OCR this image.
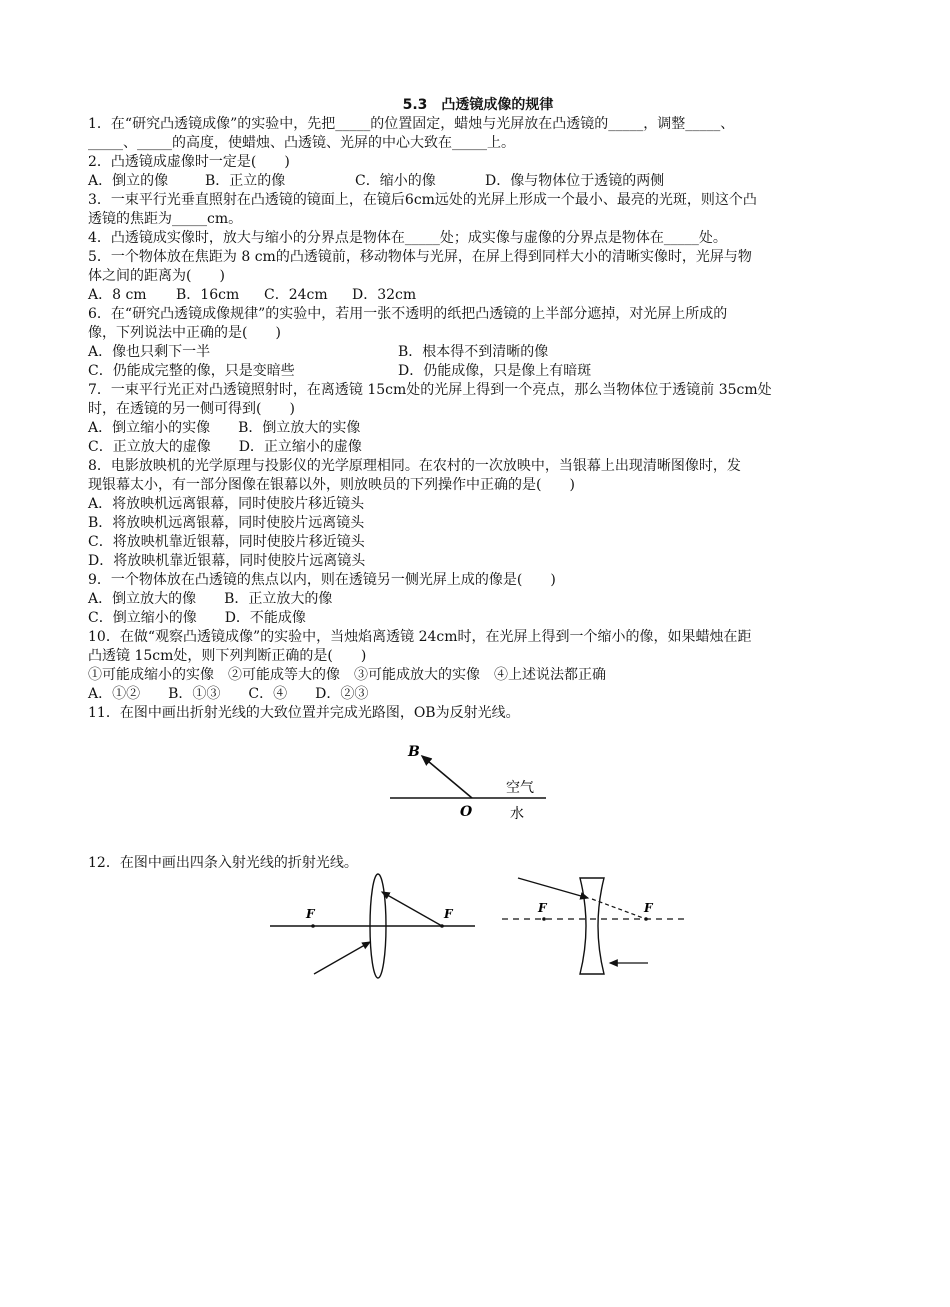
5.3　凸透镜成像的规律

1．在“研究凸透镜成像”的实验中，先把_____的位置固定，蜡烛与光屏放在凸透镜的_____，调整_____、

_____、_____的高度，使蜡烛、凸透镜、光屏的中心大致在_____上。

2．凸透镜成虚像时一定是(　　)

A．倒立的像	B．正立的像	C．缩小的像	D．像与物体位于透镜的两侧

3．一束平行光垂直照射在凸透镜的镜面上，在镜后6cm远处的光屏上形成一个最小、最亮的光斑，则这个凸

透镜的焦距为_____cm。

4．凸透镜成实像时，放大与缩小的分界点是物体在_____处；成实像与虚像的分界点是物体在_____处。

5．一个物体放在焦距为 8 cm的凸透镜前，移动物体与光屏，在屏上得到同样大小的清晰实像时，光屏与物

体之间的距离为(　　)

A．8 cm B．16cm C．24cm D．32cm

6．在“研究凸透镜成像规律”的实验中，若用一张不透明的纸把凸透镜的上半部分遮掉，对光屏上所成的

像，下列说法中正确的是(　　)

A．像也只剩下一半	B．根本得不到清晰的像
C．仍能成完整的像，只是变暗些	D．仍能成像，只是像上有暗斑

7．一束平行光正对凸透镜照射时，在离透镜 15cm处的光屏上得到一个亮点，那么当物体位于透镜前 35cm处

时，在透镜的另一侧可得到(　　)

A．倒立缩小的实像　　B．倒立放大的实像

C．正立放大的虚像　　D．正立缩小的虚像

8．电影放映机的光学原理与投影仪的光学原理相同。在农村的一次放映中，当银幕上出现清晰图像时，发

现银幕太小，有一部分图像在银幕以外，则放映员的下列操作中正确的是(　　)

A．将放映机远离银幕，同时使胶片移近镜头

B．将放映机远离银幕，同时使胶片远离镜头

C．将放映机靠近银幕，同时使胶片移近镜头

D．将放映机靠近银幕，同时使胶片远离镜头

9．一个物体放在凸透镜的焦点以内，则在透镜另一侧光屏上成的像是(　　)

A．倒立放大的像　　B．正立放大的像

C．倒立缩小的像　　D．不能成像

10．在做“观察凸透镜成像”的实验中，当烛焰离透镜 24cm时，在光屏上得到一个缩小的像，如果蜡烛在距

凸透镜 15cm处，则下列判断正确的是(　　)

①可能成缩小的实像　②可能成等大的像　③可能成放大的实像　④上述说法都正确

A．①②　　B．①③　　C．④　　D．②③

11．在图中画出折射光线的大致位置并完成光路图，OB为反射光线。

B
O
空气
水
12．在图中画出四条入射光线的折射光线。
F	F	F	F
